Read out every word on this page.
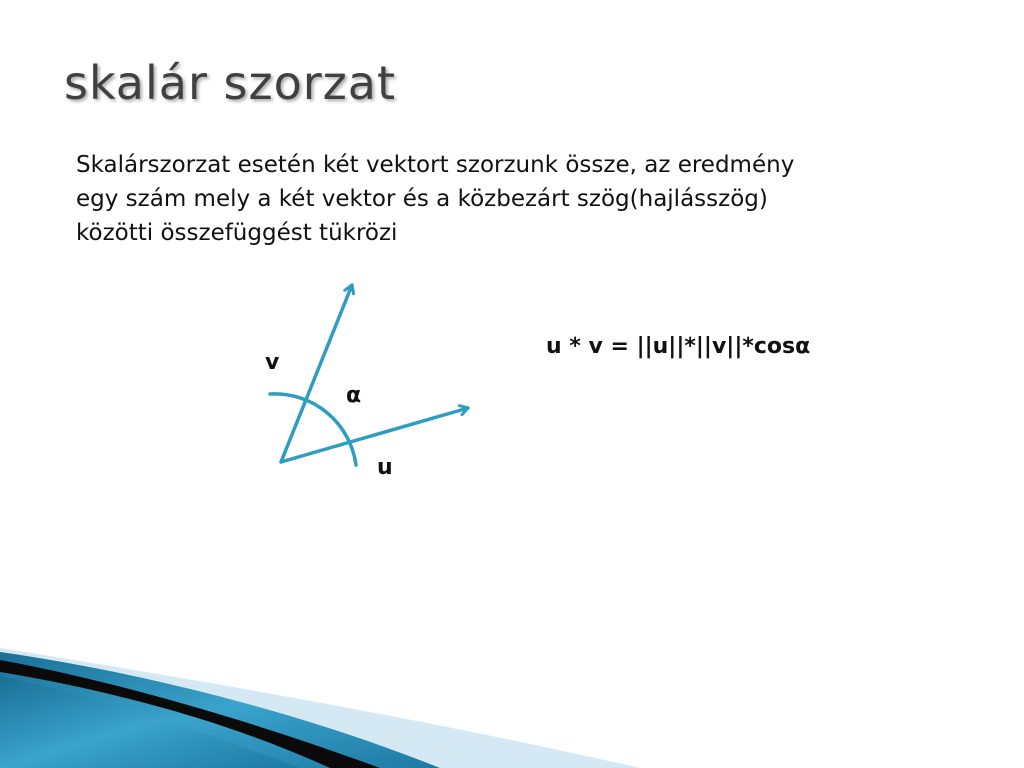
skalár szorzat

Skalárszorzat esetén két vektort szorzunk össze, az eredmény egy szám mely a két vektor és a közbezárt szög(hajlásszög) közötti összefüggést tükrözi

v
α
u
u * v = ||u||*||v||*cosα
